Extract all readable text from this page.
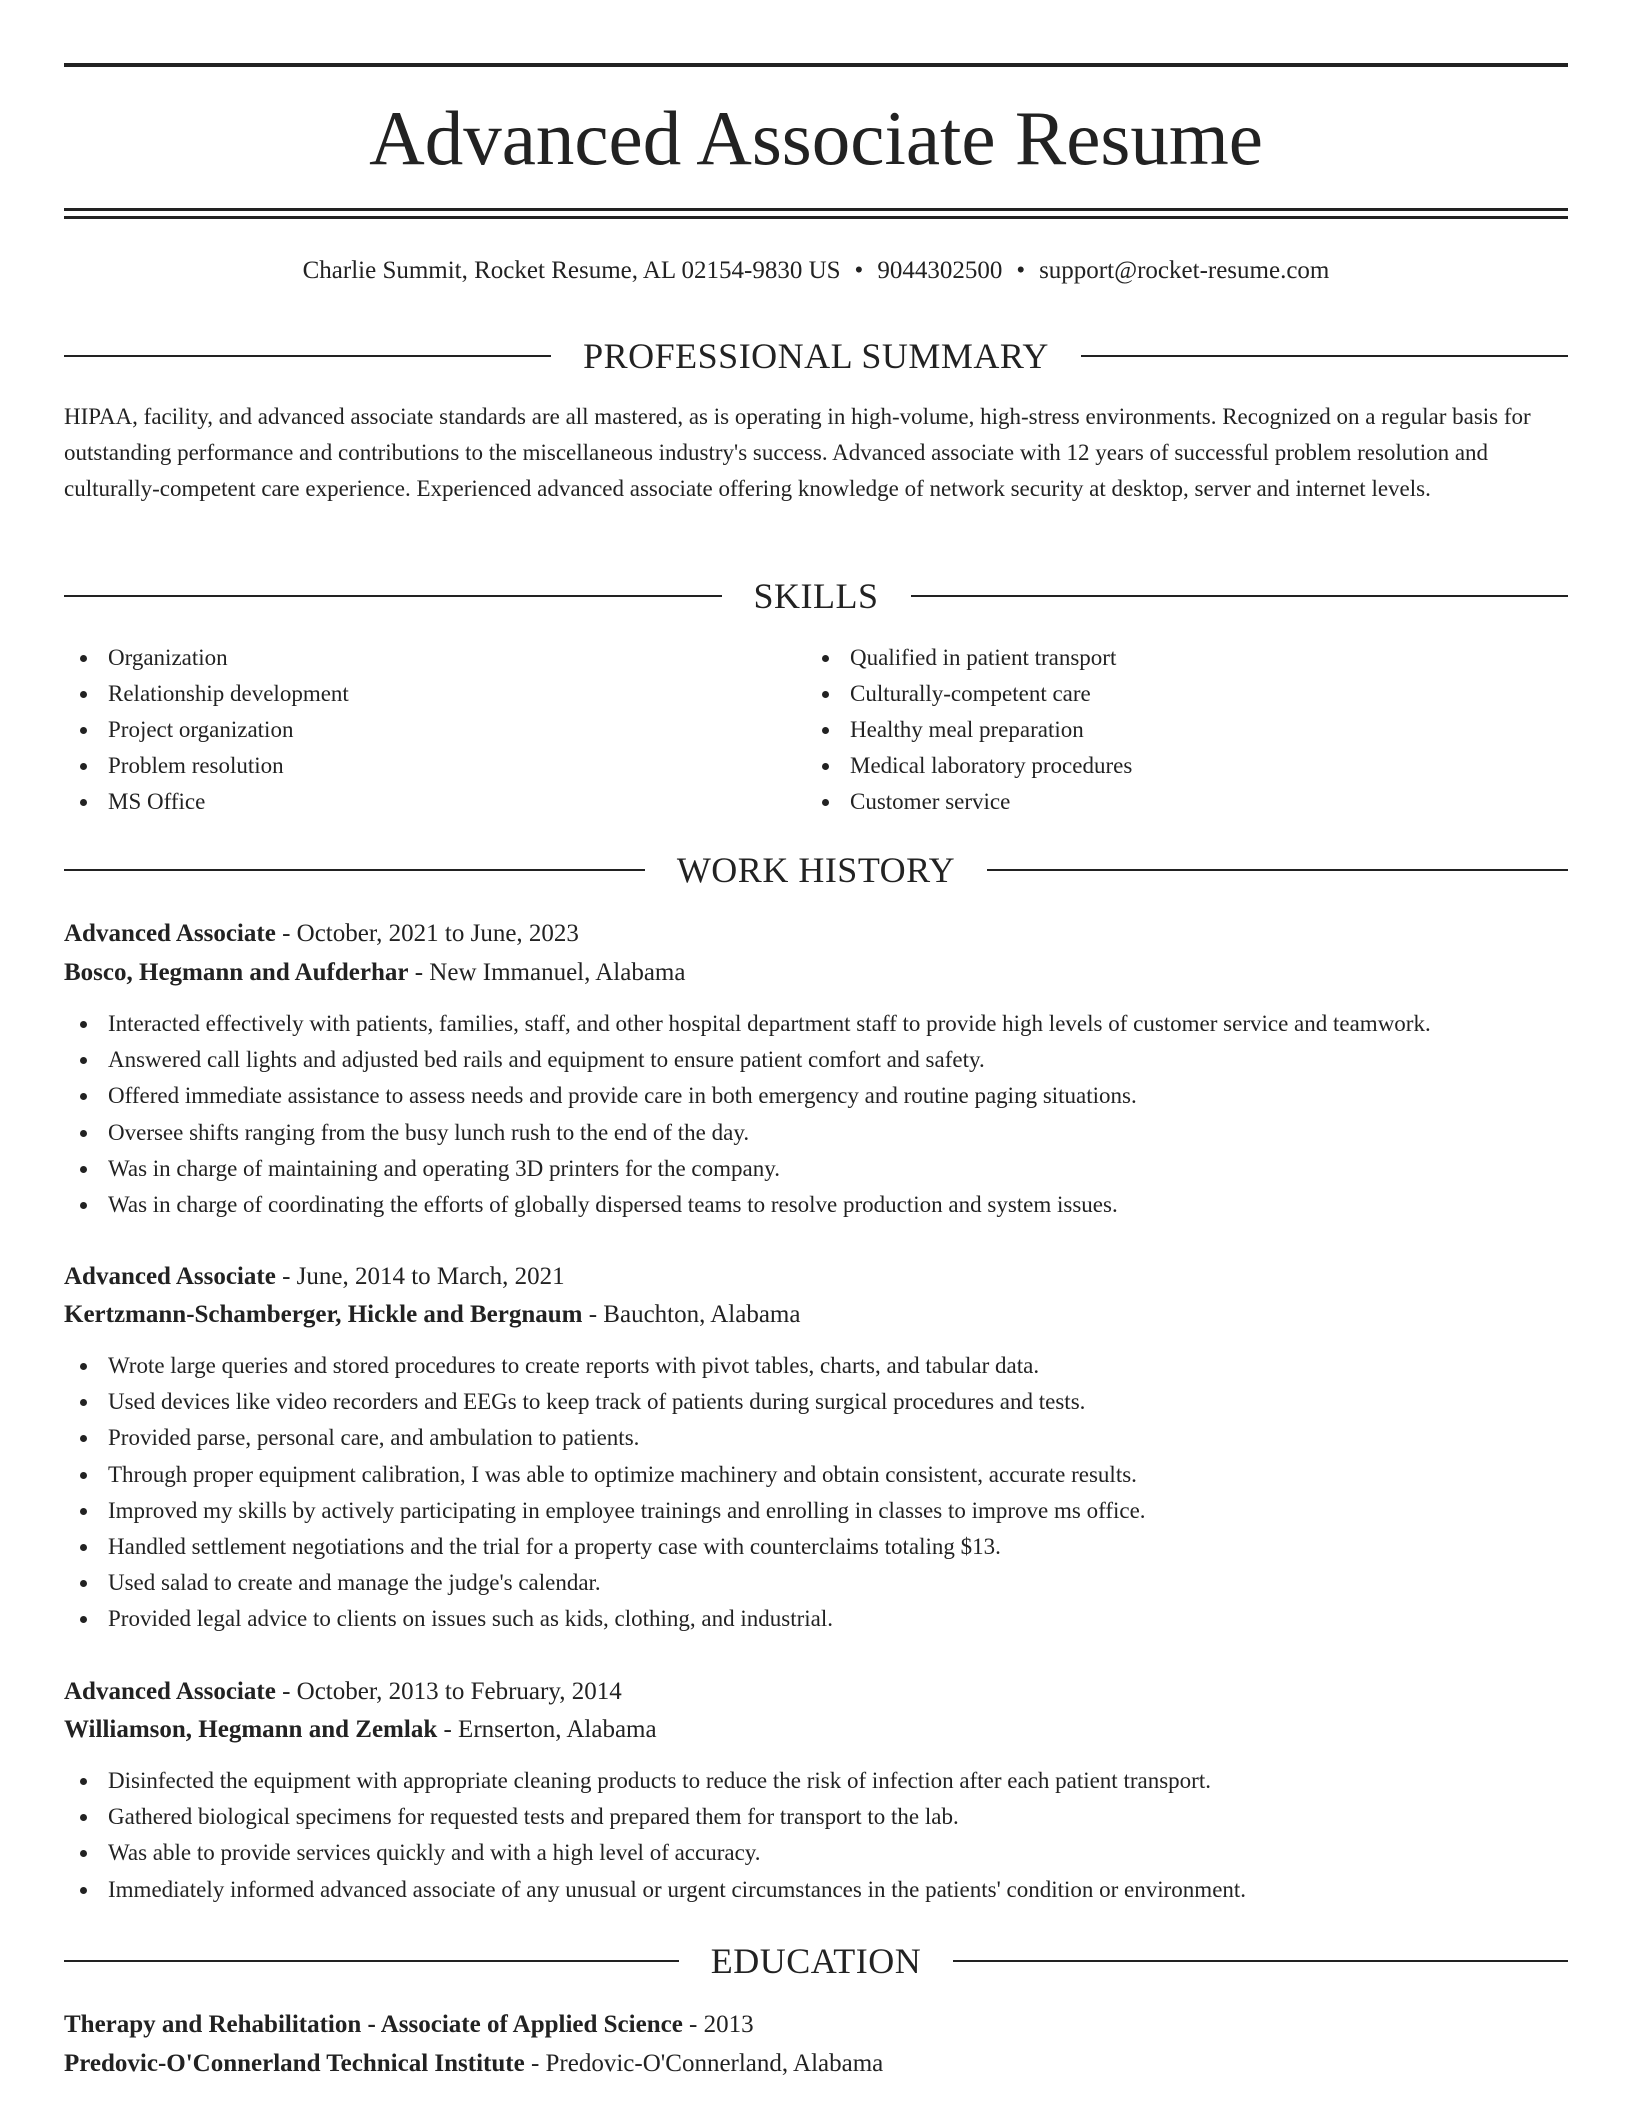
Advanced Associate Resume
Charlie Summit, Rocket Resume, AL 02154-9830 US • 9044302500 • support@rocket-resume.com
PROFESSIONAL SUMMARY

HIPAA, facility, and advanced associate standards are all mastered, as is operating in high-volume, high-stress environments. Recognized on a regular basis for outstanding performance and contributions to the miscellaneous industry's success. Advanced associate with 12 years of successful problem resolution and culturally-competent care experience. Experienced advanced associate offering knowledge of network security at desktop, server and internet levels.

SKILLS
Organization
Relationship development
Project organization
Problem resolution
MS Office
Qualified in patient transport
Culturally-competent care
Healthy meal preparation
Medical laboratory procedures
Customer service
WORK HISTORY
Advanced Associate - October, 2021 to June, 2023
Bosco, Hegmann and Aufderhar - New Immanuel, Alabama
Interacted effectively with patients, families, staff, and other hospital department staff to provide high levels of customer service and teamwork.
Answered call lights and adjusted bed rails and equipment to ensure patient comfort and safety.
Offered immediate assistance to assess needs and provide care in both emergency and routine paging situations.
Oversee shifts ranging from the busy lunch rush to the end of the day.
Was in charge of maintaining and operating 3D printers for the company.
Was in charge of coordinating the efforts of globally dispersed teams to resolve production and system issues.
Advanced Associate - June, 2014 to March, 2021
Kertzmann-Schamberger, Hickle and Bergnaum - Bauchton, Alabama
Wrote large queries and stored procedures to create reports with pivot tables, charts, and tabular data.
Used devices like video recorders and EEGs to keep track of patients during surgical procedures and tests.
Provided parse, personal care, and ambulation to patients.
Through proper equipment calibration, I was able to optimize machinery and obtain consistent, accurate results.
Improved my skills by actively participating in employee trainings and enrolling in classes to improve ms office.
Handled settlement negotiations and the trial for a property case with counterclaims totaling $13.
Used salad to create and manage the judge's calendar.
Provided legal advice to clients on issues such as kids, clothing, and industrial.
Advanced Associate - October, 2013 to February, 2014
Williamson, Hegmann and Zemlak - Ernserton, Alabama
Disinfected the equipment with appropriate cleaning products to reduce the risk of infection after each patient transport.
Gathered biological specimens for requested tests and prepared them for transport to the lab.
Was able to provide services quickly and with a high level of accuracy.
Immediately informed advanced associate of any unusual or urgent circumstances in the patients' condition or environment.
EDUCATION
Therapy and Rehabilitation - Associate of Applied Science - 2013
Predovic-O'Connerland Technical Institute - Predovic-O'Connerland, Alabama
